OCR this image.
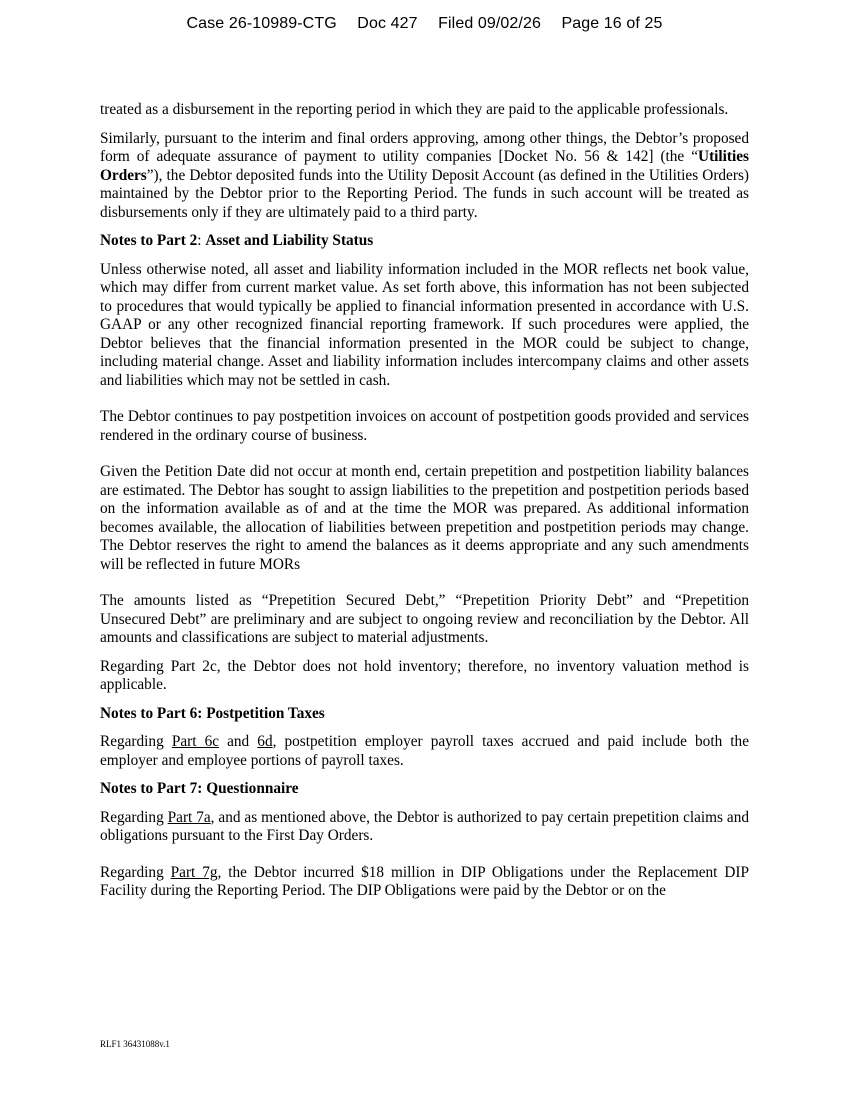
Case 26-10989-CTG Doc 427 Filed 09/02/26 Page 16 of 25

treated as a disbursement in the reporting period in which they are paid to the applicable professionals.

Similarly, pursuant to the interim and final orders approving, among other things, the Debtor’s proposed form of adequate assurance of payment to utility companies [Docket No. 56 & 142] (the “Utilities Orders”), the Debtor deposited funds into the Utility Deposit Account (as defined in the Utilities Orders) maintained by the Debtor prior to the Reporting Period. The funds in such account will be treated as disbursements only if they are ultimately paid to a third party.

Notes to Part 2: Asset and Liability Status

Unless otherwise noted, all asset and liability information included in the MOR reflects net book value, which may differ from current market value. As set forth above, this information has not been subjected to procedures that would typically be applied to financial information presented in accordance with U.S. GAAP or any other recognized financial reporting framework. If such procedures were applied, the Debtor believes that the financial information presented in the MOR could be subject to change, including material change. Asset and liability information includes intercompany claims and other assets and liabilities which may not be settled in cash.

The Debtor continues to pay postpetition invoices on account of postpetition goods provided and services rendered in the ordinary course of business.

Given the Petition Date did not occur at month end, certain prepetition and postpetition liability balances are estimated. The Debtor has sought to assign liabilities to the prepetition and postpetition periods based on the information available as of and at the time the MOR was prepared. As additional information becomes available, the allocation of liabilities between prepetition and postpetition periods may change. The Debtor reserves the right to amend the balances as it deems appropriate and any such amendments will be reflected in future MORs

The amounts listed as “Prepetition Secured Debt,” “Prepetition Priority Debt” and “Prepetition Unsecured Debt” are preliminary and are subject to ongoing review and reconciliation by the Debtor. All amounts and classifications are subject to material adjustments.

Regarding Part 2c, the Debtor does not hold inventory; therefore, no inventory valuation method is applicable.

Notes to Part 6: Postpetition Taxes

Regarding Part 6c and 6d, postpetition employer payroll taxes accrued and paid include both the employer and employee portions of payroll taxes.

Notes to Part 7: Questionnaire

Regarding Part 7a, and as mentioned above, the Debtor is authorized to pay certain prepetition claims and obligations pursuant to the First Day Orders.

Regarding Part 7g, the Debtor incurred $18 million in DIP Obligations under the Replacement DIP Facility during the Reporting Period. The DIP Obligations were paid by the Debtor or on the

RLF1 36431088v.1
